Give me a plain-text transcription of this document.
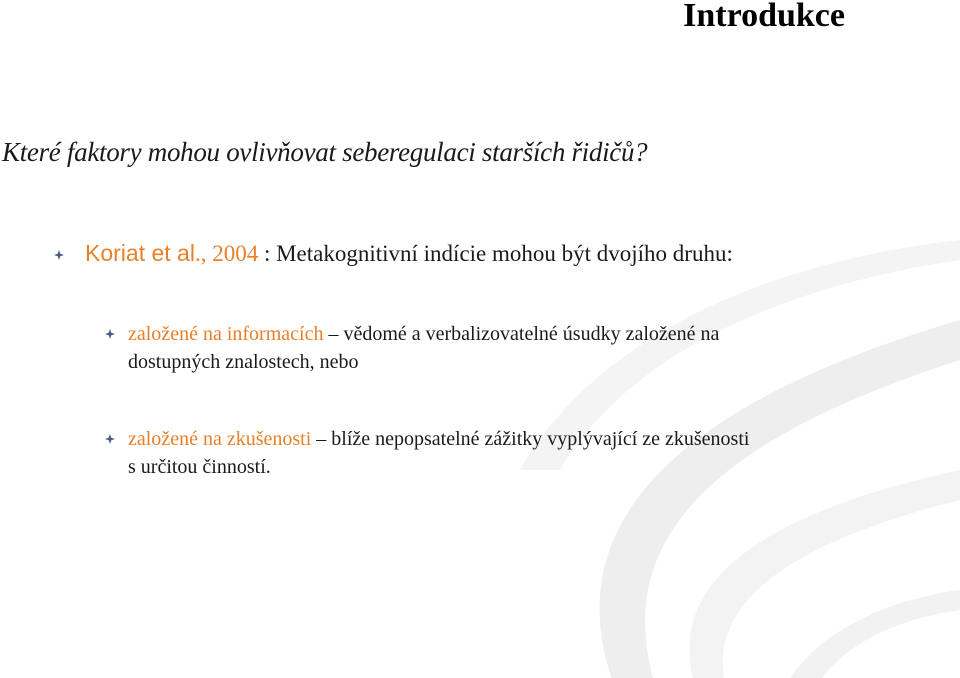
Introdukce
Které faktory mohou ovlivňovat seberegulaci starších řidičů?
Koriat et al., 2004 : Metakognitivní indície mohou být dvojího druhu:
založené na informacích – vědomé a verbalizovatelné úsudky založené na
dostupných znalostech, nebo
založené na zkušenosti – blíže nepopsatelné zážitky vyplývající ze zkušenosti
s určitou činností.
